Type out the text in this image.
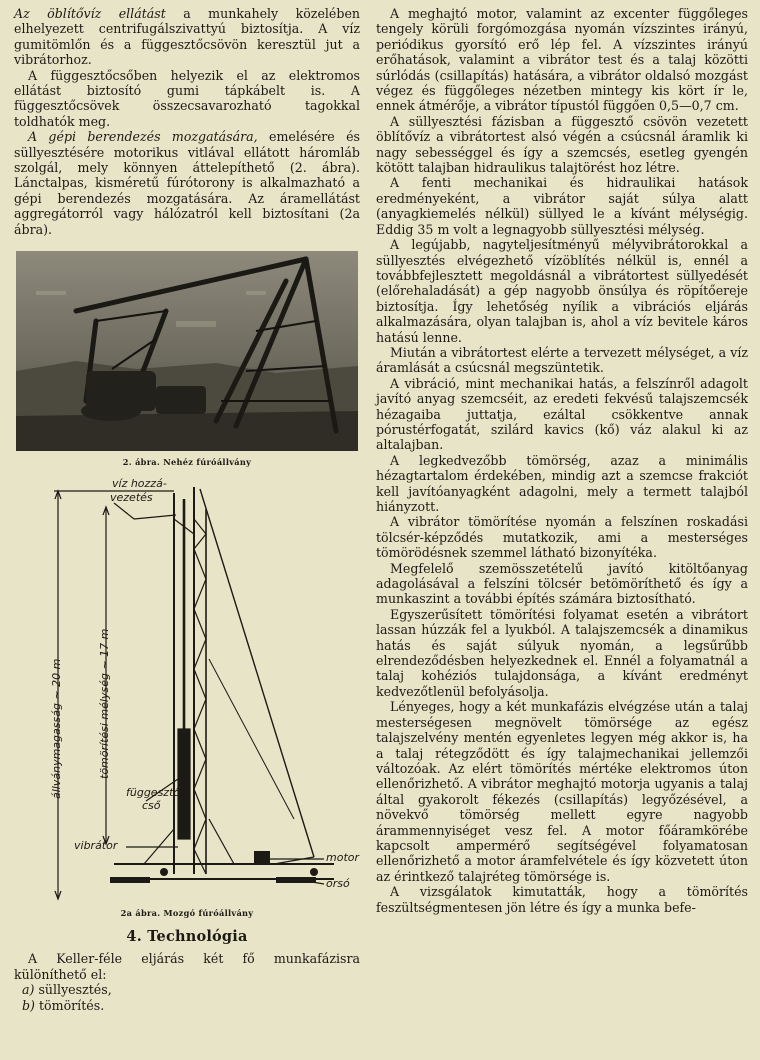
Az öblítővíz ellátást a munkahely közelében elhelyezett centrifugálszivattyú biztosítja. A víz gumitömlőn és a függesztőcsövön keresztül jut a vibrátorhoz.

A függesztőcsőben helyezik el az elektromos ellátást biztosító gumi tápkábelt is. A függesztőcsövek összecsavarozható tagokkal toldhatók meg.

A gépi berendezés mozgatására, emelésére és süllyesztésére motorikus vitlával ellátott háromláb szolgál, mely könnyen áttelepíthető (2. ábra). Lánctalpas, kisméretű fúrótorony is alkalmazható a gépi berendezés mozgatására. Az áramellátást aggregátorról vagy hálózatról kell biztosítani (2a ábra).

2. ábra. Nehéz fúróállvány
víz hozzá-
vezetés
állványmagasság ~ 20 m	tömörítési mélység ~ 17 m
függesztő-
cső
vibrátor
motor
orsó
2a ábra. Mozgó fúróállvány
4. Technológia

A Keller-féle eljárás két fő munkafázisra különíthető el:

a) süllyesztés,
b) tömörítés.

A meghajtó motor, valamint az excenter függőleges tengely körüli forgómozgása nyomán vízszintes irányú, periódikus gyorsító erő lép fel. A vízszintes irányú erőhatások, valamint a vibrátor test és a talaj közötti súrlódás (csillapítás) hatására, a vibrátor oldalsó mozgást végez és függőleges nézetben mintegy kis kört ír le, ennek átmérője, a vibrátor típustól függően 0,5—0,7 cm.

A süllyesztési fázisban a függesztő csövön vezetett öblítővíz a vibrátortest alsó végén a csúcsnál áramlik ki nagy sebességgel és így a szemcsés, esetleg gyengén kötött talajban hidraulikus talajtörést hoz létre.

A fenti mechanikai és hidraulikai hatások eredményeként, a vibrátor saját súlya alatt (anyagkiemelés nélkül) süllyed le a kívánt mélységig. Eddig 35 m volt a legnagyobb süllyesztési mélység.

A legújabb, nagyteljesítményű mélyvibrátorokkal a süllyesztés elvégezhető vízöblítés nélkül is, ennél a továbbfejlesztett megoldásnál a vibrátortest süllyedését (előrehaladását) a gép nagyobb önsúlya és röpítőereje biztosítja. Így lehetőség nyílik a vibrációs eljárás alkalmazására, olyan talajban is, ahol a víz bevitele káros hatású lenne.

Miután a vibrátortest elérte a tervezett mélységet, a víz áramlását a csúcsnál megszüntetik.

A vibráció, mint mechanikai hatás, a felszínről adagolt javító anyag szemcséit, az eredeti fekvésű talajszemcsék hézagaiba juttatja, ezáltal csökkentve annak pórustérfogatát, szilárd kavics (kő) váz alakul ki az altalajban.

A legkedvezőbb tömörség, azaz a minimális hézagtartalom érdekében, mindig azt a szemcse frakciót kell javítóanyagként adagolni, mely a termett talajból hiányzott.

A vibrátor tömörítése nyomán a felszínen roskadási tölcsér-képződés mutatkozik, ami a mesterséges tömörödésnek szemmel látható bizonyítéka.

Megfelelő szemösszetételű javító kitöltőanyag adagolásával a felszíni tölcsér betömöríthető és így a munkaszint a további építés számára biztosítható.

Egyszerűsített tömörítési folyamat esetén a vibrátort lassan húzzák fel a lyukból. A talajszemcsék a dinamikus hatás és saját súlyuk nyomán, a legsűrűbb elrendeződésben helyezkednek el. Ennél a folyamatnál a talaj kohéziós tulajdonsága, a kívánt eredményt kedvezőtlenül befolyásolja.

Lényeges, hogy a két munkafázis elvégzése után a talaj mesterségesen megnövelt tömörsége az egész talajszelvény mentén egyenletes legyen még akkor is, ha a talaj rétegződött és így talajmechanikai jellemzői változóak. Az elért tömörítés mértéke elektromos úton ellenőrizhető. A vibrátor meghajtó motorja ugyanis a talaj által gyakorolt fékezés (csillapítás) legyőzésével, a növekvő tömörség mellett egyre nagyobb árammennyiséget vesz fel. A motor főáramkörébe kapcsolt ampermérő segítségével folyamatosan ellenőrizhető a motor áramfelvétele és így közvetett úton az érintkező talajréteg tömörsége is.

A vizsgálatok kimutatták, hogy a tömörítés feszültségmentesen jön létre és így a munka befe-
